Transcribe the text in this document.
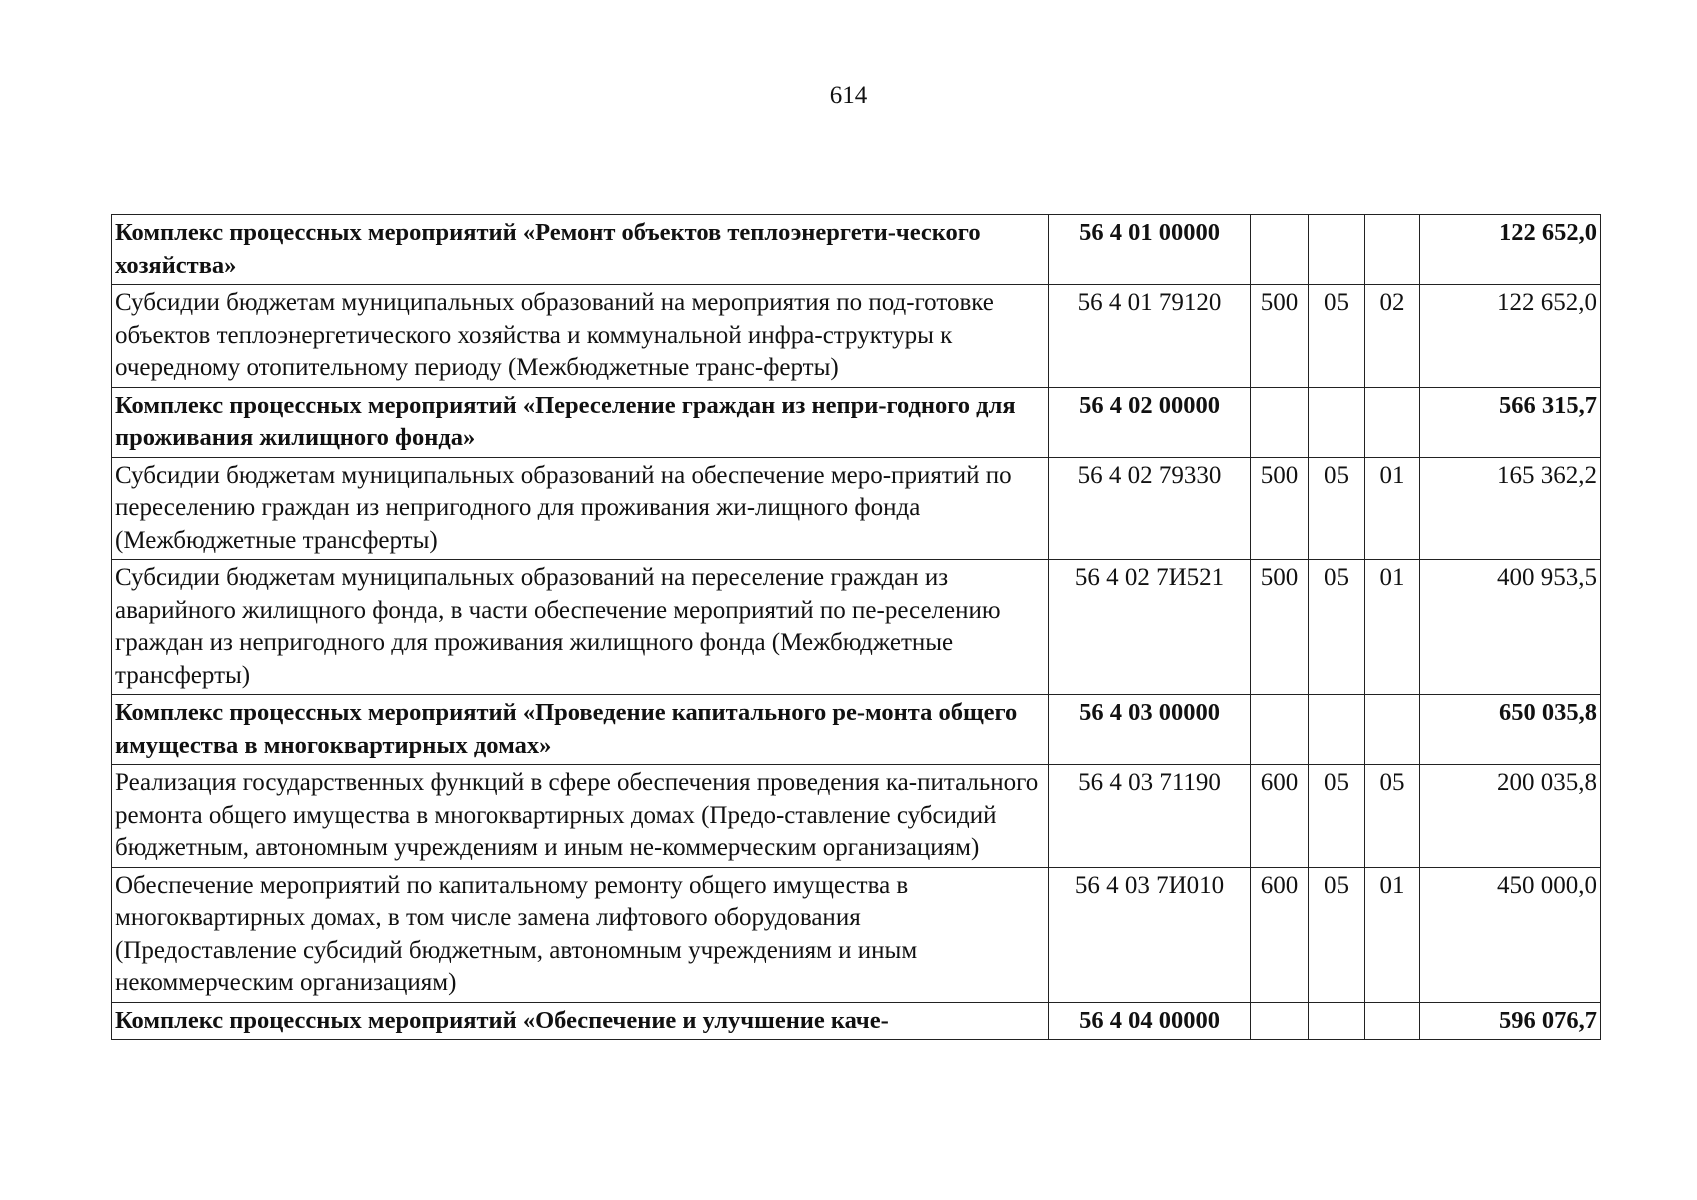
614
Комплекс процессных мероприятий «Ремонт объектов теплоэнергети-ческого хозяйства»	56 4 01 00000				122 652,0
Субсидии бюджетам муниципальных образований на мероприятия по под-готовке объектов теплоэнергетического хозяйства и коммунальной инфра-структуры к очередному отопительному периоду (Межбюджетные транс-ферты)	56 4 01 79120	500	05	02	122 652,0
Комплекс процессных мероприятий «Переселение граждан из непри-годного для проживания жилищного фонда»	56 4 02 00000				566 315,7
Субсидии бюджетам муниципальных образований на обеспечение меро-приятий по переселению граждан из непригодного для проживания жи-лищного фонда (Межбюджетные трансферты)	56 4 02 79330	500	05	01	165 362,2
Субсидии бюджетам муниципальных образований на переселение граждан из аварийного жилищного фонда, в части обеспечение мероприятий по пе-реселению граждан из непригодного для проживания жилищного фонда (Межбюджетные трансферты)	56 4 02 7И521	500	05	01	400 953,5
Комплекс процессных мероприятий «Проведение капитального ре-монта общего имущества в многоквартирных домах»	56 4 03 00000				650 035,8
Реализация государственных функций в сфере обеспечения проведения ка-питального ремонта общего имущества в многоквартирных домах (Предо-ставление субсидий бюджетным, автономным учреждениям и иным не-коммерческим организациям)	56 4 03 71190	600	05	05	200 035,8
Обеспечение мероприятий по капитальному ремонту общего имущества в многоквартирных домах, в том числе замена лифтового оборудования (Предоставление субсидий бюджетным, автономным учреждениям и иным некоммерческим организациям)	56 4 03 7И010	600	05	01	450 000,0
Комплекс процессных мероприятий «Обеспечение и улучшение каче-	56 4 04 00000				596 076,7
